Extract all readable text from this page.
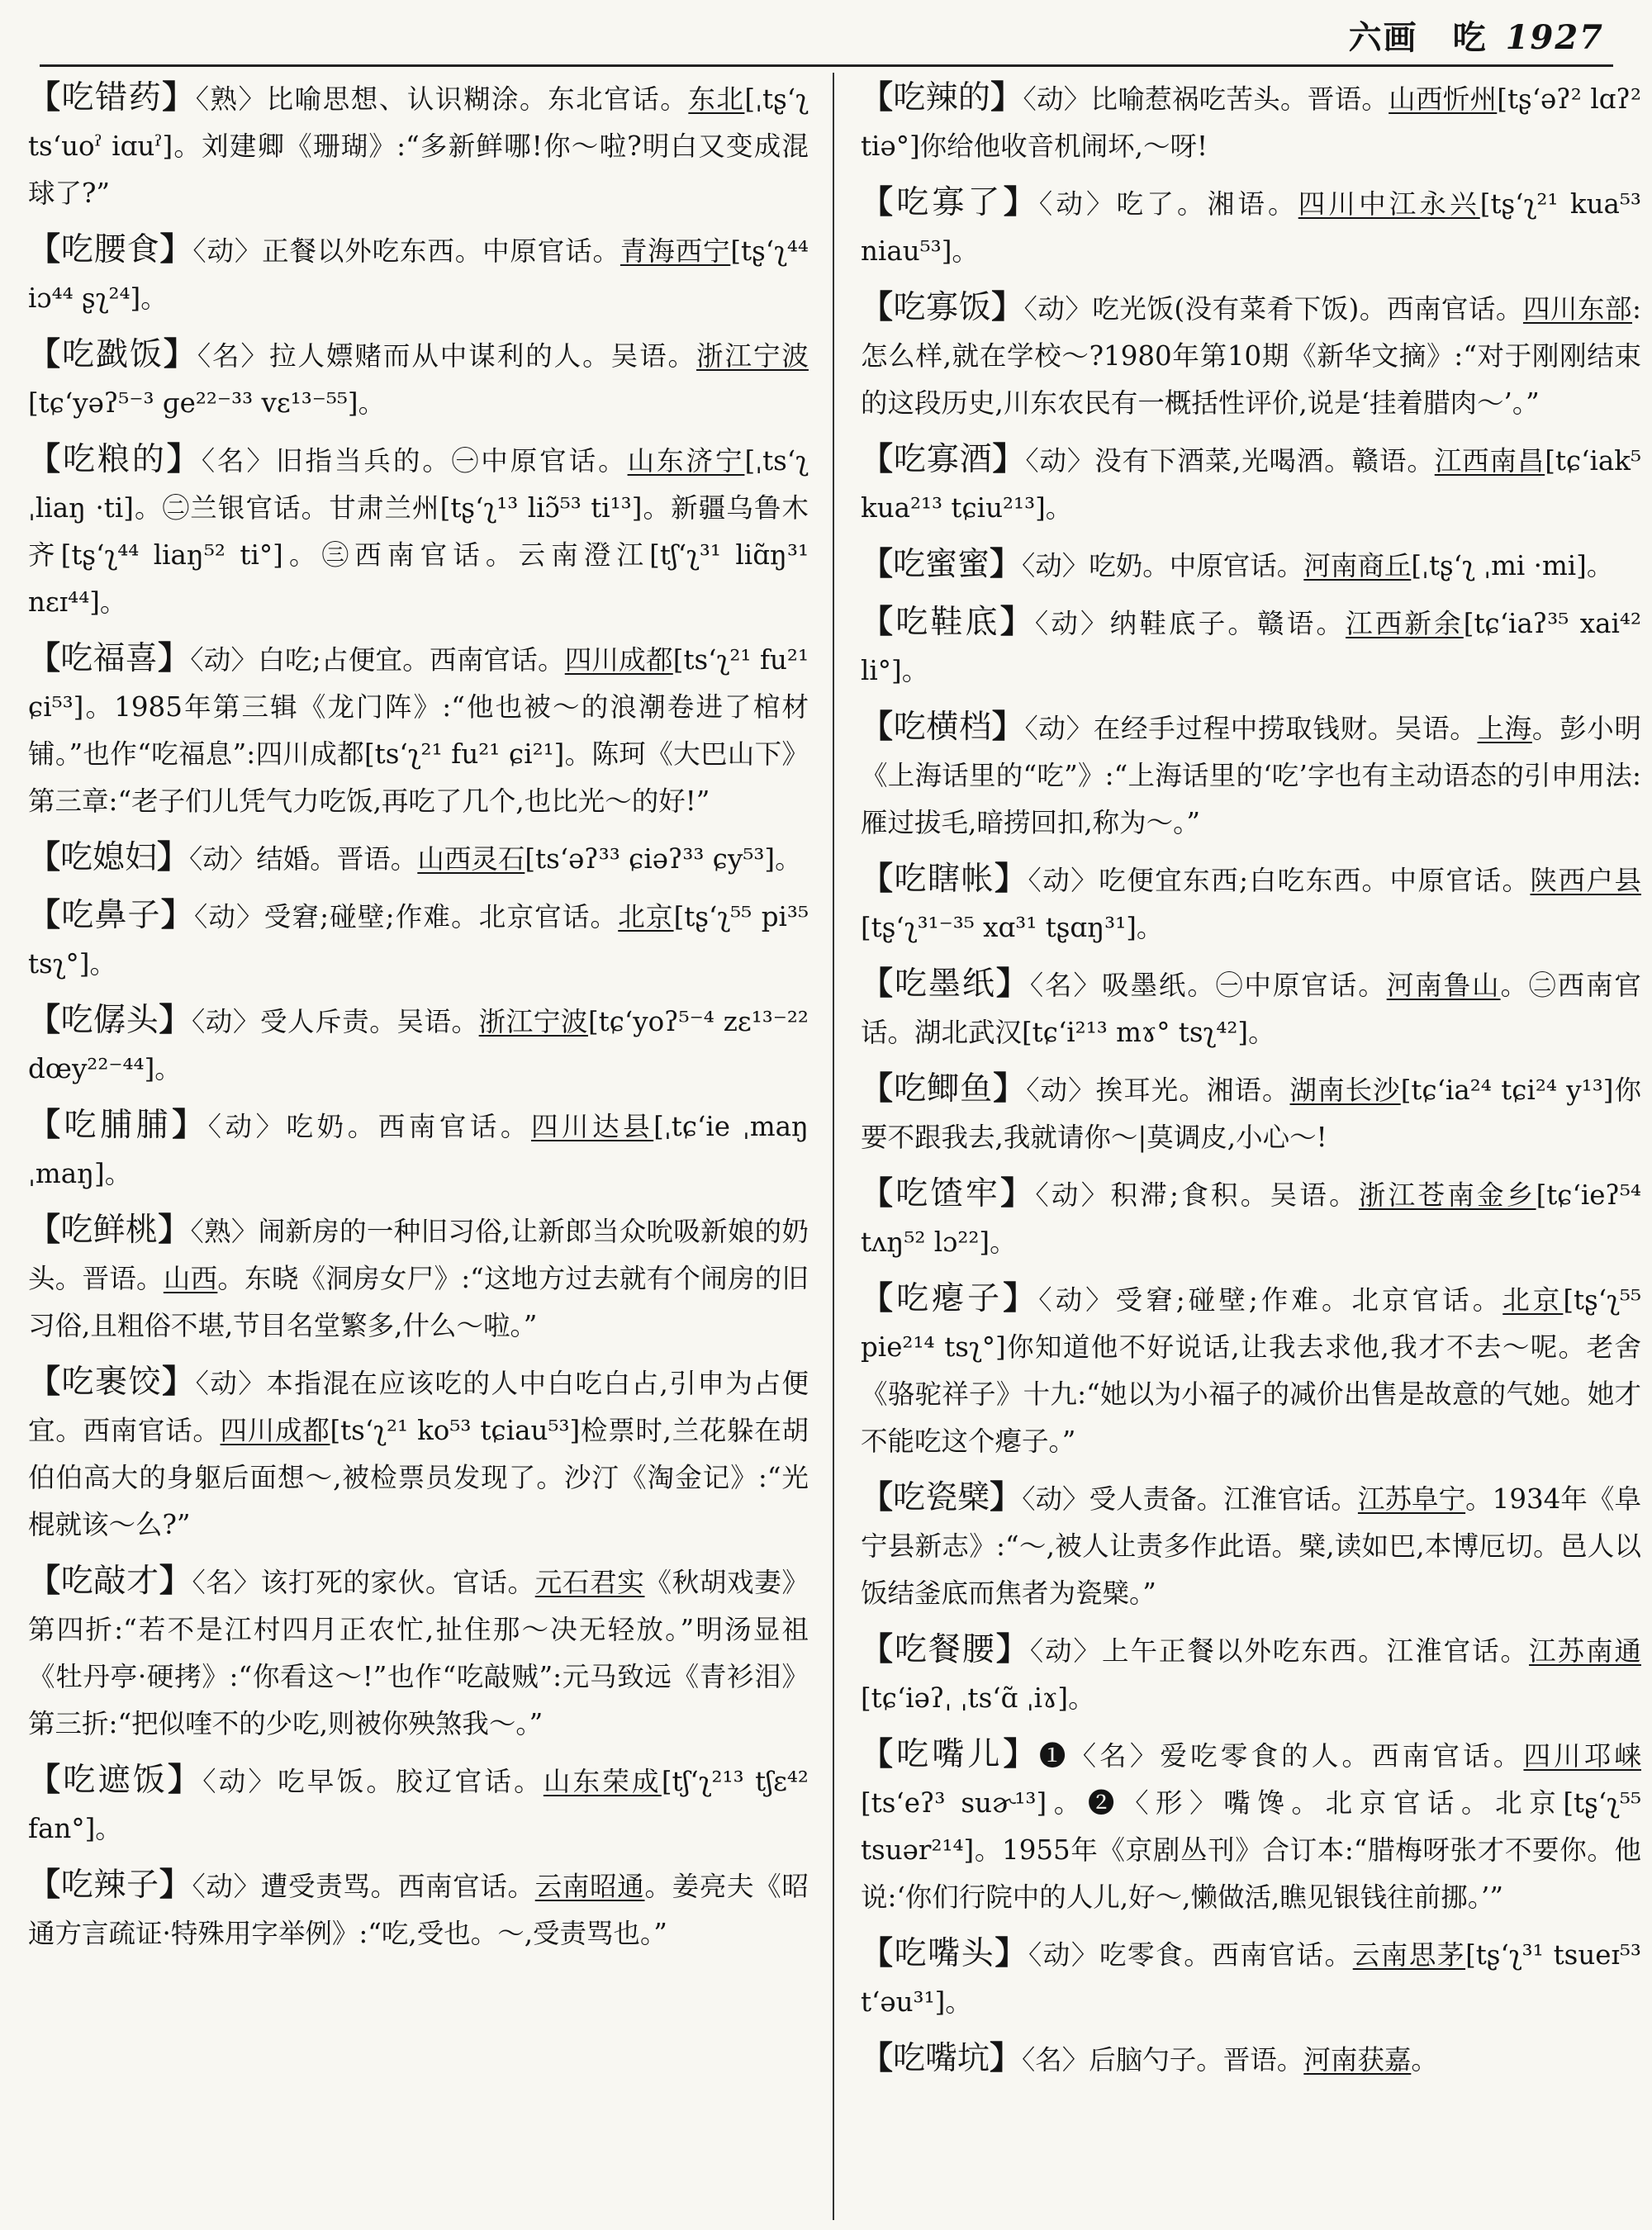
六画　吃 1927

【吃错药】〈熟〉比喻思想、认识糊涂。东北官话。东北[ˌtʂ‘ʅ ts‘uoˀ iɑuˀ]。刘建卿《珊瑚》:“多新鲜哪!你～啦?明白又变成混球了?”

【吃腰食】〈动〉正餐以外吃东西。中原官话。青海西宁[tʂ‘ʅ⁴⁴ iɔ⁴⁴ ʂʅ²⁴]。

【吃戤饭】〈名〉拉人嫖赌而从中谋利的人。吴语。浙江宁波[tɕ‘yəʔ⁵⁻³ ɡe²²⁻³³ vɛ¹³⁻⁵⁵]。

【吃粮的】〈名〉旧指当兵的。㊀中原官话。山东济宁[ˌts‘ʅ ˌliaŋ ·ti]。㊁兰银官话。甘肃兰州[tʂ‘ʅ¹³ liɔ̃⁵³ ti¹³]。新疆乌鲁木齐[tʂ‘ʅ⁴⁴ liaŋ⁵² ti°]。㊂西南官话。云南澄江[tʃ‘ʅ³¹ liɑ̃ŋ³¹ nɛɪ⁴⁴]。

【吃福喜】〈动〉白吃;占便宜。西南官话。四川成都[ts‘ʅ²¹ fu²¹ ɕi⁵³]。1985年第三辑《龙门阵》:“他也被～的浪潮卷进了棺材铺。”也作“吃福息”:四川成都[ts‘ʅ²¹ fu²¹ ɕi²¹]。陈珂《大巴山下》第三章:“老子们儿凭气力吃饭,再吃了几个,也比光～的好!”

【吃媳妇】〈动〉结婚。晋语。山西灵石[ts‘əʔ³³ ɕiəʔ³³ ɕy⁵³]。

【吃鼻子】〈动〉受窘;碰壁;作难。北京官话。北京[tʂ‘ʅ⁵⁵ pi³⁵ tsʅ°]。

【吃僝头】〈动〉受人斥责。吴语。浙江宁波[tɕ‘yoʔ⁵⁻⁴ zɛ¹³⁻²² dœy²²⁻⁴⁴]。

【吃脯脯】〈动〉吃奶。西南官话。四川达县[ˌtɕ‘ie ˌmaŋ ˌmaŋ]。

【吃鲜桃】〈熟〉闹新房的一种旧习俗,让新郎当众吮吸新娘的奶头。晋语。山西。东晓《洞房女尸》:“这地方过去就有个闹房的旧习俗,且粗俗不堪,节目名堂繁多,什么～啦。”

【吃裹饺】〈动〉本指混在应该吃的人中白吃白占,引申为占便宜。西南官话。四川成都[ts‘ʅ²¹ ko⁵³ tɕiau⁵³]检票时,兰花躲在胡伯伯高大的身躯后面想～,被检票员发现了。沙汀《淘金记》:“光棍就该～么?”

【吃敲才】〈名〉该打死的家伙。官话。元石君实《秋胡戏妻》第四折:“若不是江村四月正农忙,扯住那～决无轻放。”明汤显祖《牡丹亭·硬拷》:“你看这～!”也作“吃敲贼”:元马致远《青衫泪》第三折:“把似喹不的少吃,则被你殃煞我～。”

【吃遮饭】〈动〉吃早饭。胶辽官话。山东荣成[tʃ‘ʅ²¹³ tʃɛ⁴² fan°]。

【吃辣子】〈动〉遭受责骂。西南官话。云南昭通。姜亮夫《昭通方言疏证·特殊用字举例》:“吃,受也。～,受责骂也。”

【吃辣的】〈动〉比喻惹祸吃苦头。晋语。山西忻州[tʂ‘əʔ² lɑʔ² tiə°]你给他收音机闹坏,～呀!

【吃寡了】〈动〉吃了。湘语。四川中江永兴[tʂ‘ʅ²¹ kua⁵³ niau⁵³]。

【吃寡饭】〈动〉吃光饭(没有菜肴下饭)。西南官话。四川东部:怎么样,就在学校～?1980年第10期《新华文摘》:“对于刚刚结束的这段历史,川东农民有一概括性评价,说是‘挂着腊肉～’。”

【吃寡酒】〈动〉没有下酒菜,光喝酒。赣语。江西南昌[tɕ‘iak⁵ kua²¹³ tɕiu²¹³]。

【吃蜜蜜】〈动〉吃奶。中原官话。河南商丘[ˌtʂ‘ʅ ˌmi ·mi]。

【吃鞋底】〈动〉纳鞋底子。赣语。江西新余[tɕ‘iaʔ³⁵ xai⁴² li°]。

【吃横档】〈动〉在经手过程中捞取钱财。吴语。上海。彭小明《上海话里的“吃”》:“上海话里的‘吃’字也有主动语态的引申用法:雁过拔毛,暗捞回扣,称为～。”

【吃瞎帐】〈动〉吃便宜东西;白吃东西。中原官话。陕西户县[tʂ‘ʅ³¹⁻³⁵ xɑ³¹ tʂɑŋ³¹]。

【吃墨纸】〈名〉吸墨纸。㊀中原官话。河南鲁山。㊁西南官话。湖北武汉[tɕ‘i²¹³ mɤ° tsʅ⁴²]。

【吃鲫鱼】〈动〉挨耳光。湘语。湖南长沙[tɕ‘ia²⁴ tɕi²⁴ y¹³]你要不跟我去,我就请你～|莫调皮,小心～!

【吃馇牢】〈动〉积滞;食积。吴语。浙江苍南金乡[tɕ‘ieʔ⁵⁴ tʌŋ⁵² lɔ²²]。

【吃瘪子】〈动〉受窘;碰壁;作难。北京官话。北京[tʂ‘ʅ⁵⁵ pie²¹⁴ tsʅ°]你知道他不好说话,让我去求他,我才不去～呢。老舍《骆驼祥子》十九:“她以为小福子的减价出售是故意的气她。她才不能吃这个瘪子。”

【吃瓷檗】〈动〉受人责备。江淮官话。江苏阜宁。1934年《阜宁县新志》:“～,被人让责多作此语。檗,读如巴,本博厄切。邑人以饭结釜底而焦者为瓷檗。”

【吃餐腰】〈动〉上午正餐以外吃东西。江淮官话。江苏南通[tɕ‘iəʔˌ ˌts‘ɑ̃ ˌiɤ]。

【吃嘴儿】❶〈名〉爱吃零食的人。西南官话。四川邛崃[ts‘eʔ³ suɚ¹³]。❷〈形〉嘴馋。北京官话。北京[tʂ‘ʅ⁵⁵ tsuər²¹⁴]。1955年《京剧丛刊》合订本:“腊梅呀张才不要你。他说:‘你们行院中的人儿,好～,懒做活,瞧见银钱往前挪。’”

【吃嘴头】〈动〉吃零食。西南官话。云南思茅[tʂ‘ʅ³¹ tsueɪ⁵³ t‘əu³¹]。

【吃嘴坑】〈名〉后脑勺子。晋语。河南获嘉。
